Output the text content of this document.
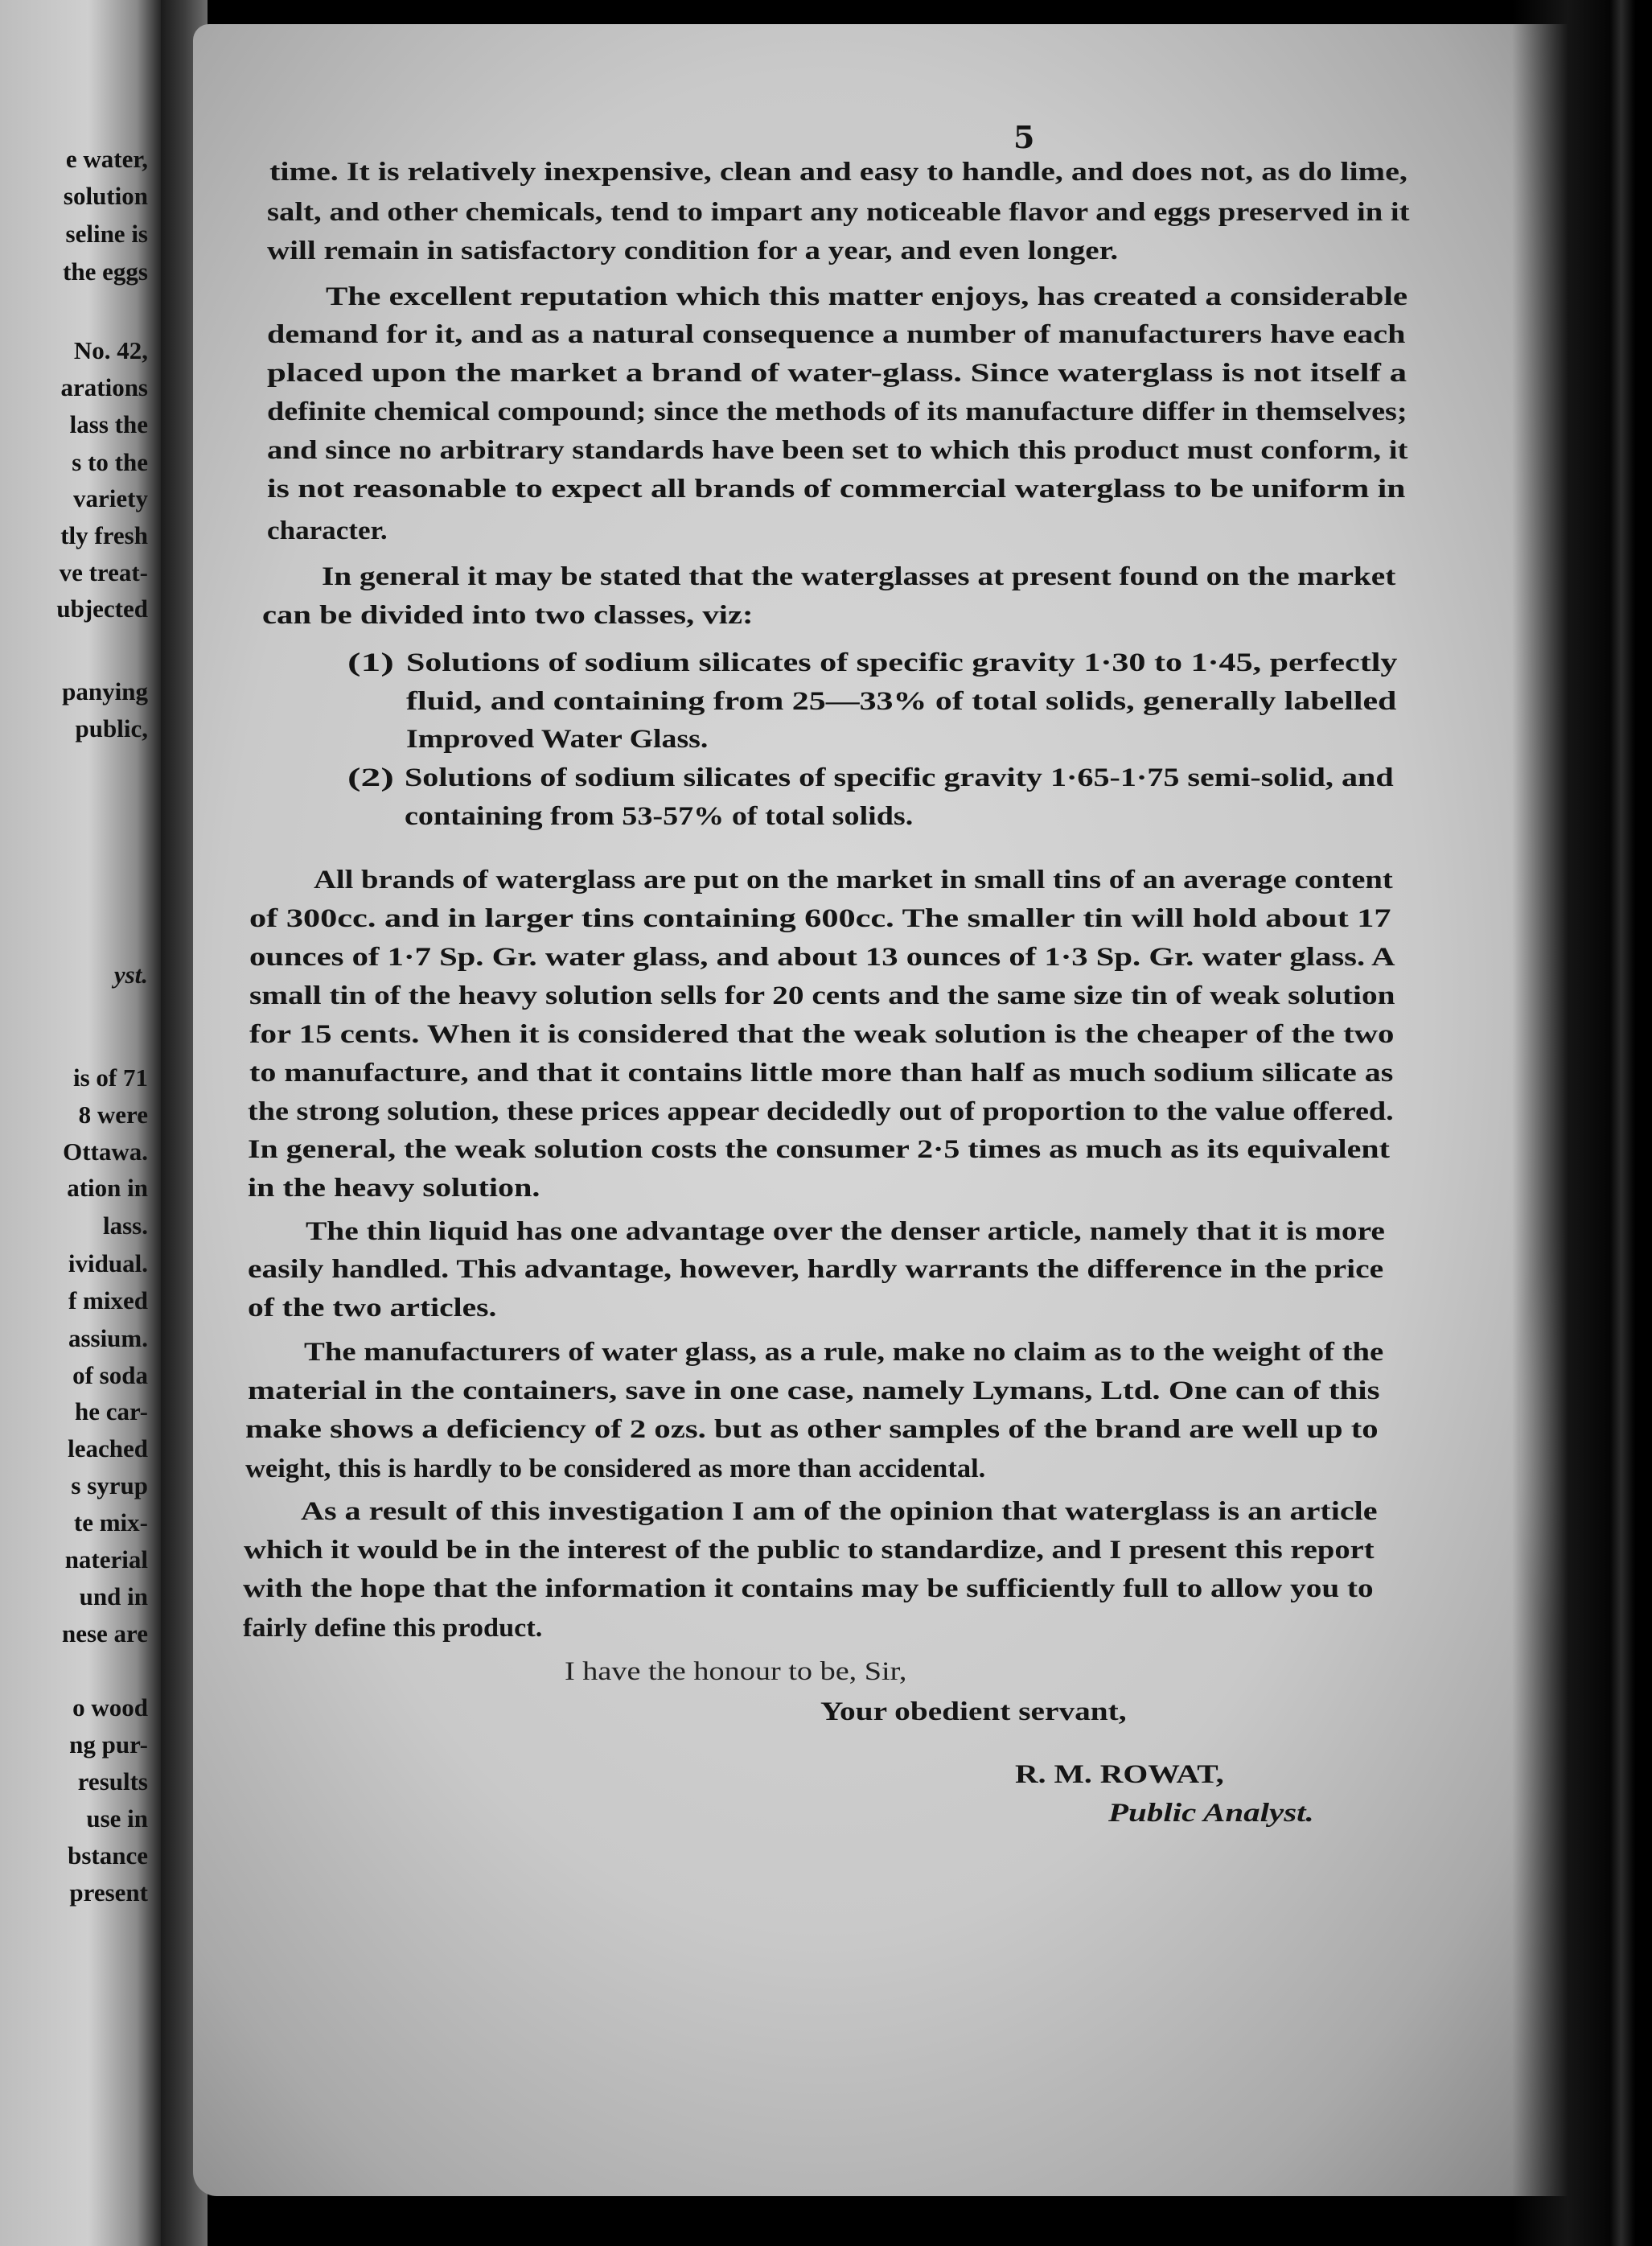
e water,
solution
seline is
the eggs
No. 42,
arations
lass the
s to the
variety
tly fresh
ve treat-
ubjected
panying
public,
yst.
is of 71
8 were
Ottawa.
ation in
lass.
ividual.
f mixed
assium.
of soda
he car-
leached
s syrup
te mix-
naterial
und in
nese are
o wood
ng pur-
results
use in
bstance
present
5
time. It is relatively inexpensive, clean and easy to handle, and does not, as do lime,
salt, and other chemicals, tend to impart any noticeable flavor and eggs preserved in it
will remain in satisfactory condition for a year, and even longer.
The excellent reputation which this matter enjoys, has created a considerable
demand for it, and as a natural consequence a number of manufacturers have each
placed upon the market a brand of water-glass. Since waterglass is not itself a
definite chemical compound; since the methods of its manufacture differ in themselves;
and since no arbitrary standards have been set to which this product must conform, it
is not reasonable to expect all brands of commercial waterglass to be uniform in
character.
In general it may be stated that the waterglasses at present found on the market
can be divided into two classes, viz:
All brands of waterglass are put on the market in small tins of an average content
of 300cc. and in larger tins containing 600cc. The smaller tin will hold about 17
ounces of 1·7 Sp. Gr. water glass, and about 13 ounces of 1·3 Sp. Gr. water glass. A
small tin of the heavy solution sells for 20 cents and the same size tin of weak solution
for 15 cents. When it is considered that the weak solution is the cheaper of the two
to manufacture, and that it contains little more than half as much sodium silicate as
the strong solution, these prices appear decidedly out of proportion to the value offered.
In general, the weak solution costs the consumer 2·5 times as much as its equivalent
in the heavy solution.
The thin liquid has one advantage over the denser article, namely that it is more
easily handled. This advantage, however, hardly warrants the difference in the price
of the two articles.
The manufacturers of water glass, as a rule, make no claim as to the weight of the
material in the containers, save in one case, namely Lymans, Ltd. One can of this
make shows a deficiency of 2 ozs. but as other samples of the brand are well up to
weight, this is hardly to be considered as more than accidental.
As a result of this investigation I am of the opinion that waterglass is an article
which it would be in the interest of the public to standardize, and I present this report
with the hope that the information it contains may be sufficiently full to allow you to
fairly define this product.
(1) Solutions of sodium silicates of specific gravity 1·30 to 1·45, perfectly
fluid, and containing from 25—33% of total solids, generally labelled
Improved Water Glass.
(2) Solutions of sodium silicates of specific gravity 1·65-1·75 semi-solid, and
containing from 53-57% of total solids.
I have the honour to be, Sir,
Your obedient servant,
R. M. ROWAT,
Public Analyst.
